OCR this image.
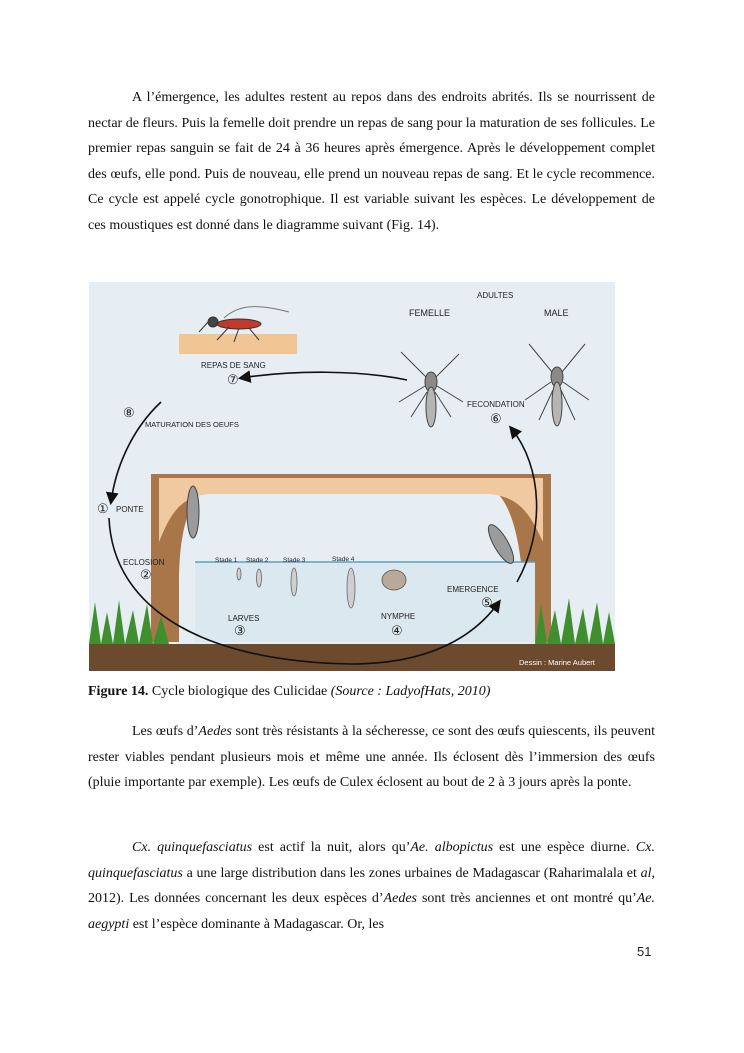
A l’émergence, les adultes restent au repos dans des endroits abrités. Ils se nourrissent de nectar de fleurs. Puis la femelle doit prendre un repas de sang pour la maturation de ses follicules. Le premier repas sanguin se fait de 24 à 36 heures après émergence. Après le développement complet des œufs, elle pond. Puis de nouveau, elle prend un nouveau repas de sang. Et le cycle recommence. Ce cycle est appelé cycle gonotrophique. Il est variable suivant les espèces. Le développement de ces moustiques est donné dans le diagramme suivant (Fig. 14).

ADULTES
FEMELLE	MALE
REPAS DE SANG
⑦
FECONDATION
⑥
⑧
MATURATION DES OEUFS
① PONTE
ECLOSION
②
Stade 1 Stade 2 Stade 3	Stade 4
EMERGENCE
⑤
LARVES
③
NYMPHE
④
Dessin : Marine Aubert

Figure 14. Cycle biologique des Culicidae (Source : LadyofHats, 2010)

Les œufs d’Aedes sont très résistants à la sécheresse, ce sont des œufs quiescents, ils peuvent rester viables pendant plusieurs mois et même une année. Ils éclosent dès l’immersion des œufs (pluie importante par exemple). Les œufs de Culex éclosent au bout de 2 à 3 jours après la ponte.

Cx. quinquefasciatus est actif la nuit, alors qu’Ae. albopictus est une espèce diurne. Cx. quinquefasciatus a une large distribution dans les zones urbaines de Madagascar (Raharimalala et al, 2012). Les données concernant les deux espèces d’Aedes sont très anciennes et ont montré qu’Ae. aegypti est l’espèce dominante à Madagascar. Or, les

51
